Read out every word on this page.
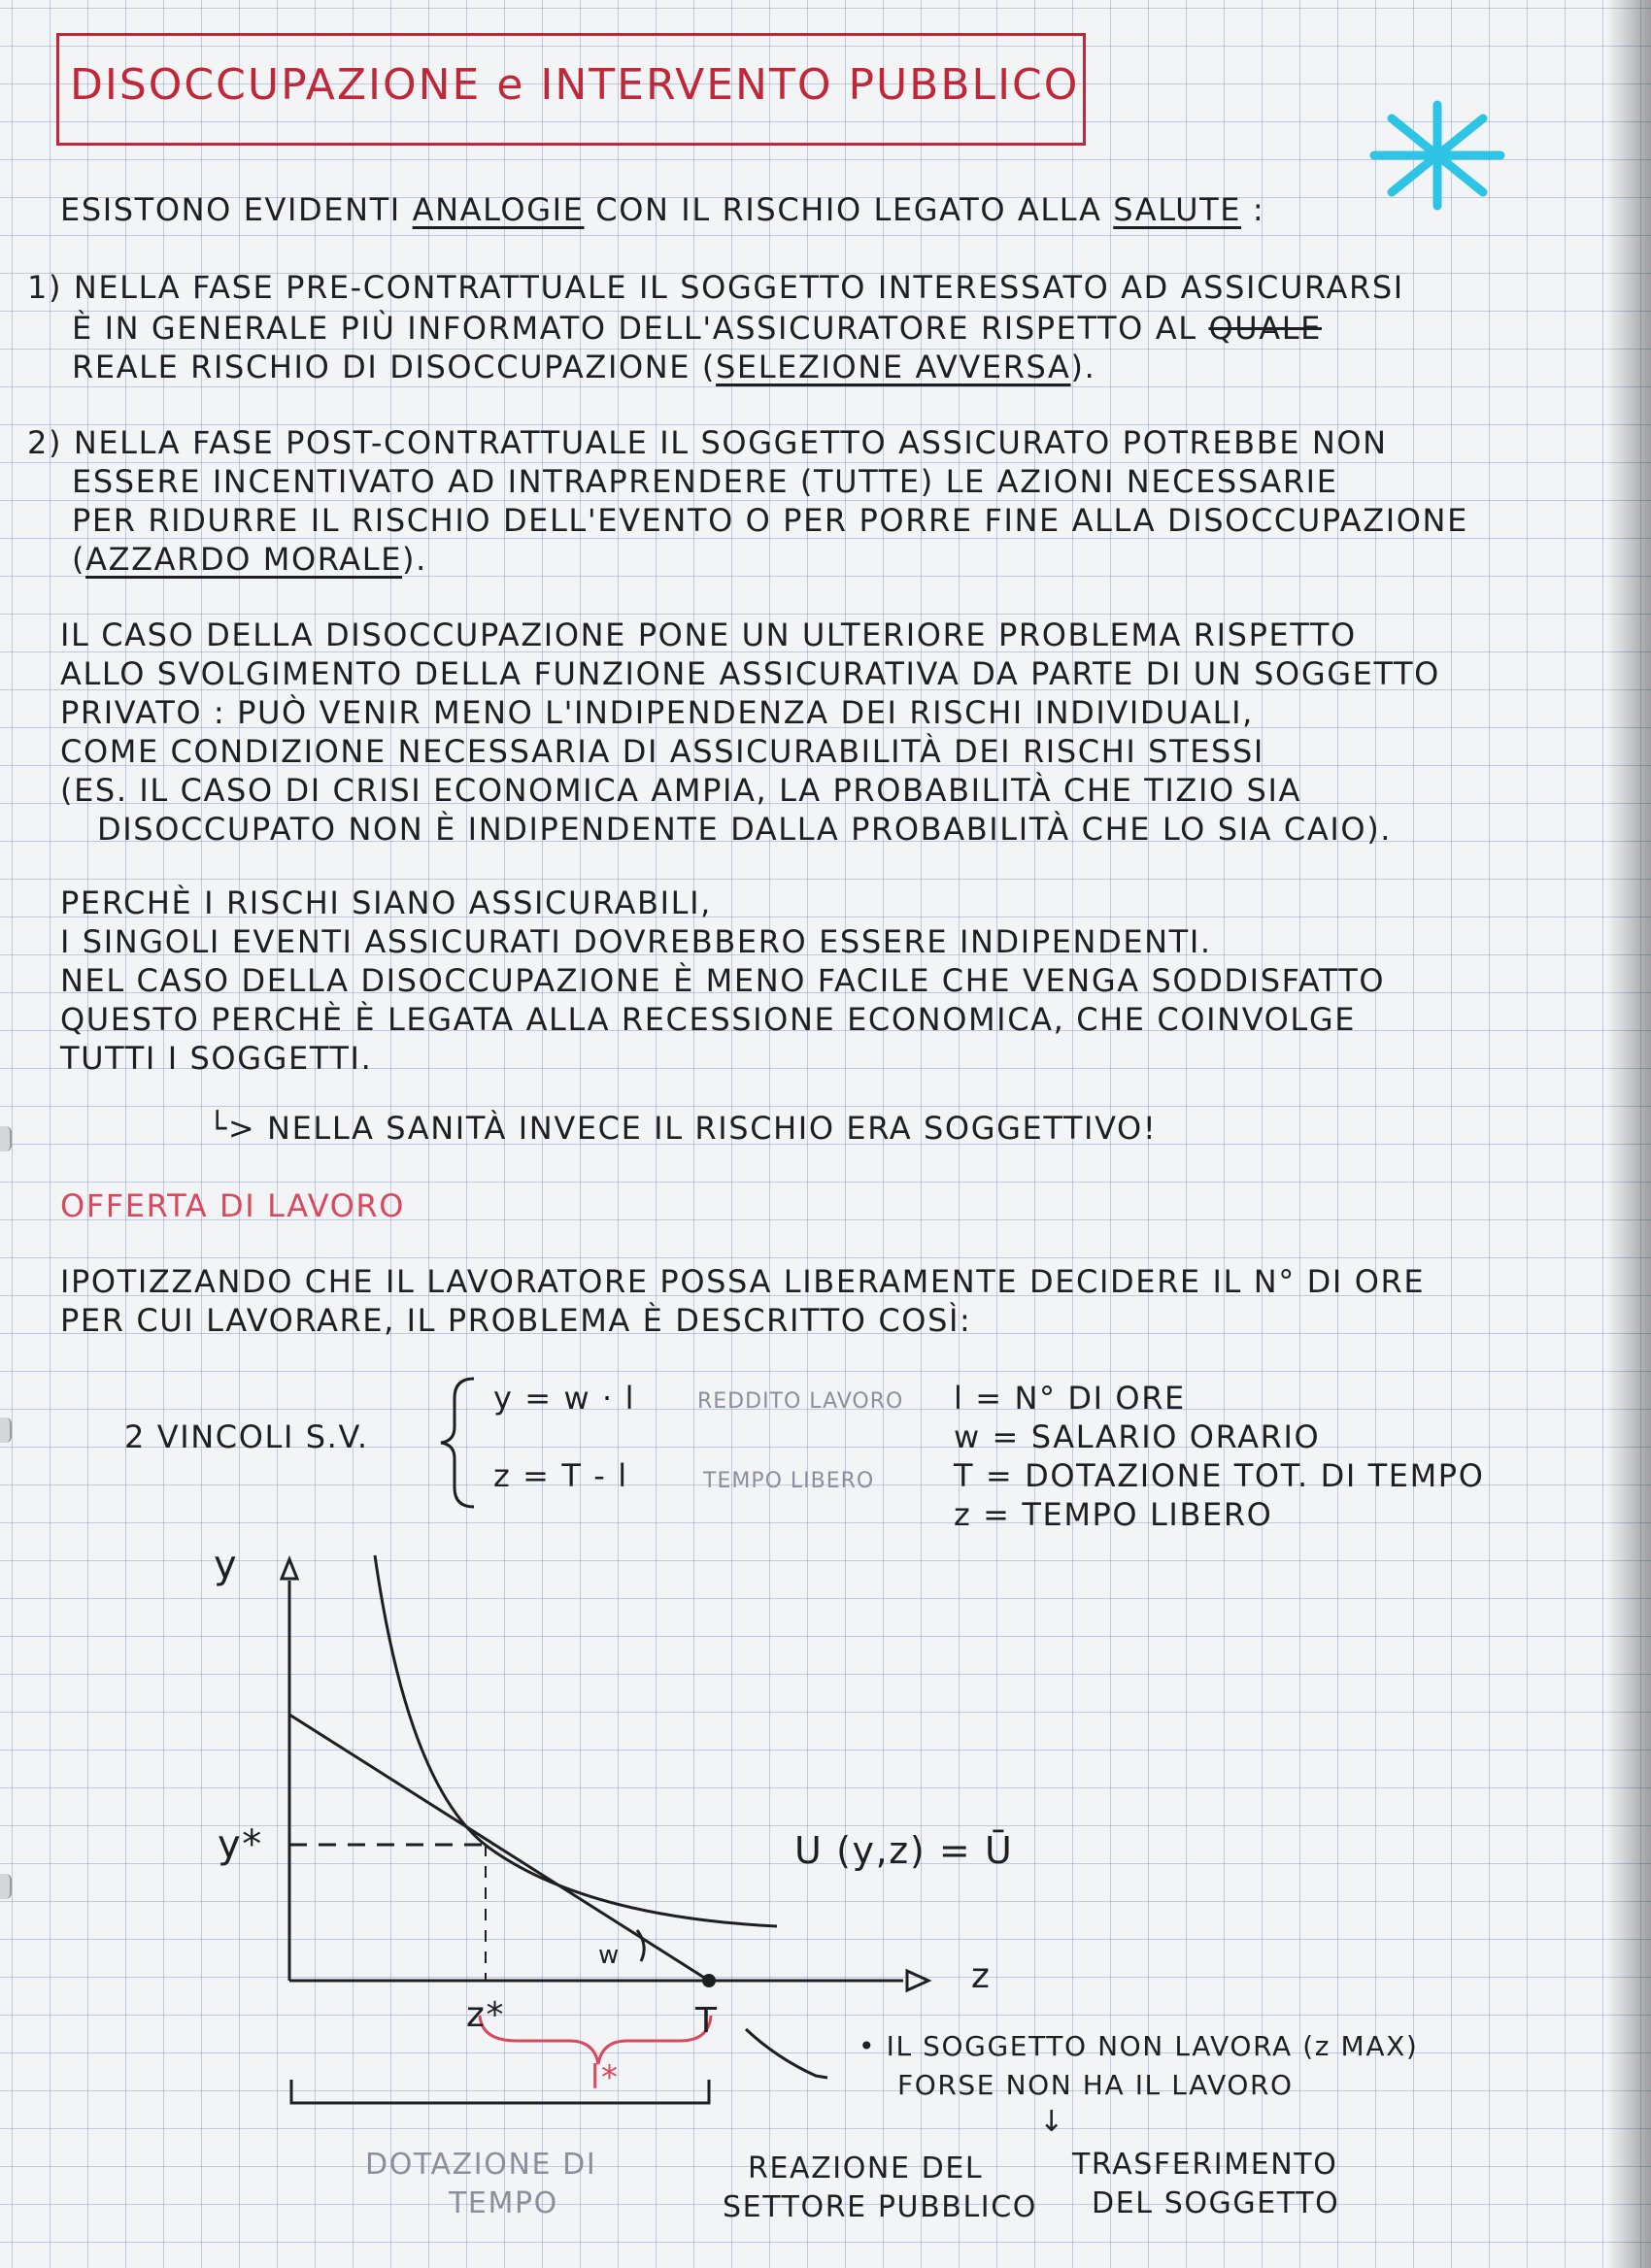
DISOCCUPAZIONE e INTERVENTO PUBBLICO
ESISTONO EVIDENTI ANALOGIE CON IL RISCHIO LEGATO ALLA SALUTE :
1) NELLA FASE PRE-CONTRATTUALE IL SOGGETTO INTERESSATO AD ASSICURARSI
È IN GENERALE PIÙ INFORMATO DELL'ASSICURATORE RISPETTO AL QUALE
REALE RISCHIO DI DISOCCUPAZIONE (SELEZIONE AVVERSA).
2) NELLA FASE POST-CONTRATTUALE IL SOGGETTO ASSICURATO POTREBBE NON
ESSERE INCENTIVATO AD INTRAPRENDERE (TUTTE) LE AZIONI NECESSARIE
PER RIDURRE IL RISCHIO DELL'EVENTO O PER PORRE FINE ALLA DISOCCUPAZIONE
(AZZARDO MORALE).
IL CASO DELLA DISOCCUPAZIONE PONE UN ULTERIORE PROBLEMA RISPETTO
ALLO SVOLGIMENTO DELLA FUNZIONE ASSICURATIVA DA PARTE DI UN SOGGETTO
PRIVATO : PUÒ VENIR MENO L'INDIPENDENZA DEI RISCHI INDIVIDUALI,
COME CONDIZIONE NECESSARIA DI ASSICURABILITÀ DEI RISCHI STESSI
(ES. IL CASO DI CRISI ECONOMICA AMPIA, LA PROBABILITÀ CHE TIZIO SIA
DISOCCUPATO NON È INDIPENDENTE DALLA PROBABILITÀ CHE LO SIA CAIO).
PERCHÈ I RISCHI SIANO ASSICURABILI,
I SINGOLI EVENTI ASSICURATI DOVREBBERO ESSERE INDIPENDENTI.
NEL CASO DELLA DISOCCUPAZIONE È MENO FACILE CHE VENGA SODDISFATTO
QUESTO PERCHÈ È LEGATA ALLA RECESSIONE ECONOMICA, CHE COINVOLGE
TUTTI I SOGGETTI.
└> NELLA SANITÀ INVECE IL RISCHIO ERA SOGGETTIVO!
OFFERTA DI LAVORO
IPOTIZZANDO CHE IL LAVORATORE POSSA LIBERAMENTE DECIDERE IL N° DI ORE
PER CUI LAVORARE, IL PROBLEMA È DESCRITTO COSÌ:
2 VINCOLI S.V.
y = w · l	REDDITO LAVORO
z = T - l	TEMPO LIBERO
l = N° DI ORE
w = SALARIO ORARIO
T = DOTAZIONE TOT. DI TEMPO
z = TEMPO LIBERO
y
z
y*
z*	T
w
l*
U (y,z) = Ū
DOTAZIONE DI
TEMPO
• IL SOGGETTO NON LAVORA (z MAX)
FORSE NON HA IL LAVORO
↓
REAZIONE DEL
SETTORE PUBBLICO
TRASFERIMENTO
DEL SOGGETTO
